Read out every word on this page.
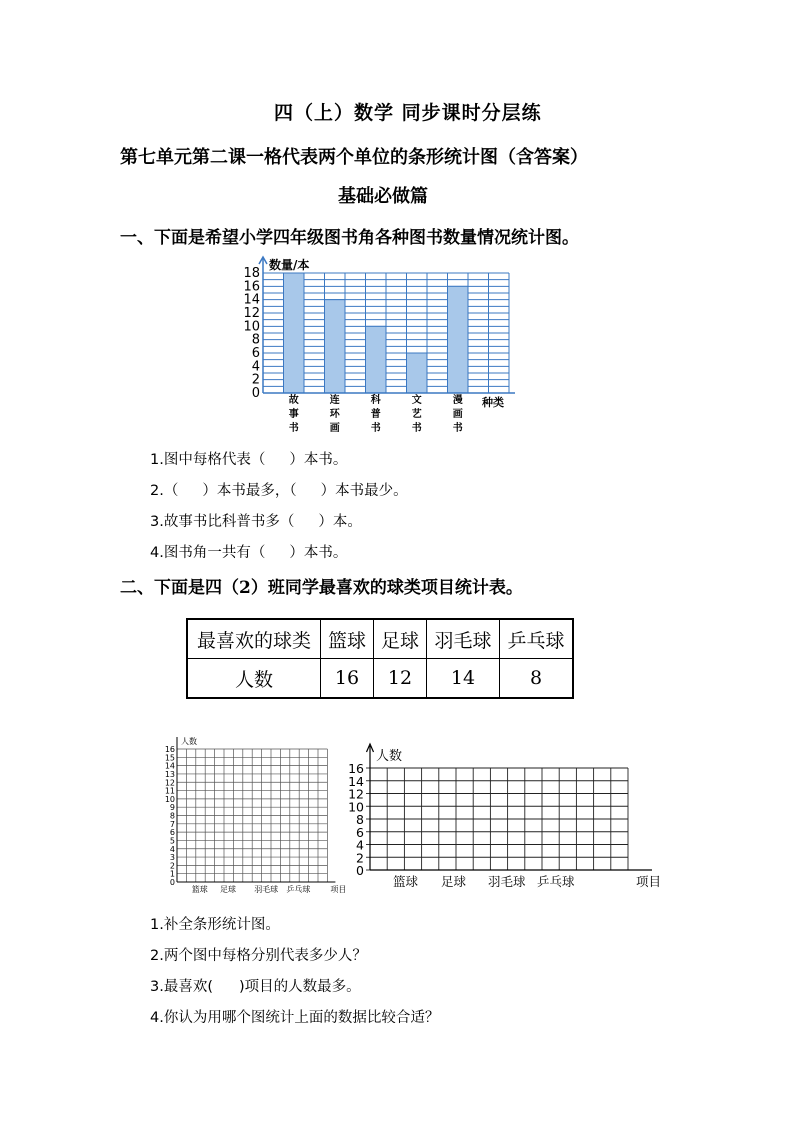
四（上）数学 同步课时分层练
第七单元第二课一格代表两个单位的条形统计图（含答案）
基础必做篇
一、下面是希望小学四年级图书角各种图书数量情况统计图。
故
事
书
连
环
画
科
普
书
文
艺
书
漫
画
书
0
2
4
6
8
10
12
14
16
18
数量/本
种类
1.图中每格代表（ ）本书。
2.（ ）本书最多，（ ）本书最少。
3.故事书比科普书多（ ）本。
4.图书角一共有（ ）本书。
二、下面是四（2）班同学最喜欢的球类项目统计表。
最喜欢的球类	篮球	足球	羽毛球	乒乓球
人数	16	12	14	8
0
1
2
3
4
5
6
7
8
9
10
11
12
13
14
15
16
人数
篮球 足球 羽毛球 乒乓球	项目
0
2
4
6
8
10
12
14
16
人数
篮球 足球 羽毛球 乒乓球	项目
1.补全条形统计图。
2.两个图中每格分别代表多少人？
3.最喜欢( )项目的人数最多。
4.你认为用哪个图统计上面的数据比较合适？
